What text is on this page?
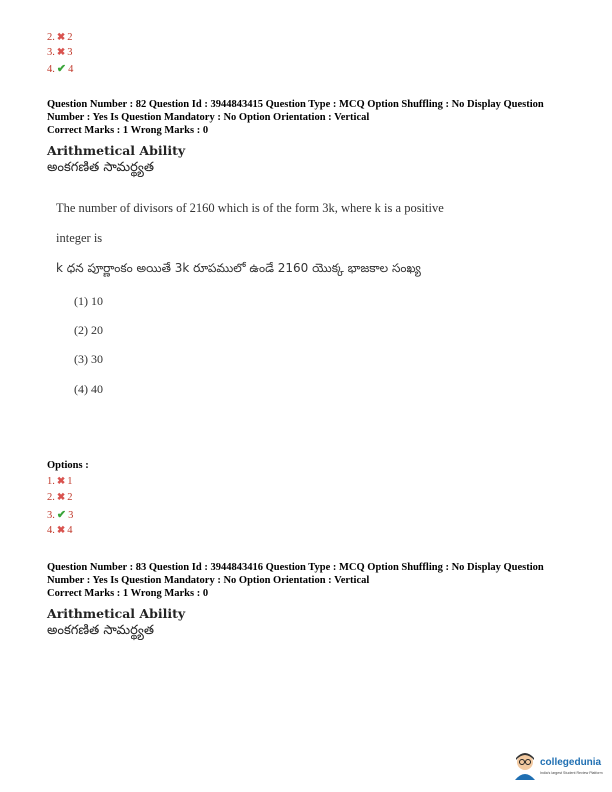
2. ✖ 2
3. ✖ 3
4. ✔ 4
Question Number : 82 Question Id : 3944843415 Question Type : MCQ Option Shuffling : No Display Question
Number : Yes Is Question Mandatory : No Option Orientation : Vertical
Correct Marks : 1 Wrong Marks : 0
Arithmetical Ability
అంకగణిత సామర్థ్యత
The number of divisors of 2160 which is of the form 3k, where k is a positive
integer is
k ధన పూర్ణాంకం అయితే 3k రూపములో ఉండే 2160 యొక్క భాజకాల సంఖ్య
(1) 10
(2) 20
(3) 30
(4) 40
Options :
1. ✖ 1
2. ✖ 2
3. ✔ 3
4. ✖ 4
Question Number : 83 Question Id : 3944843416 Question Type : MCQ Option Shuffling : No Display Question
Number : Yes Is Question Mandatory : No Option Orientation : Vertical
Correct Marks : 1 Wrong Marks : 0
Arithmetical Ability
అంకగణిత సామర్థ్యత
collegedunia
India's largest Student Review Platform
